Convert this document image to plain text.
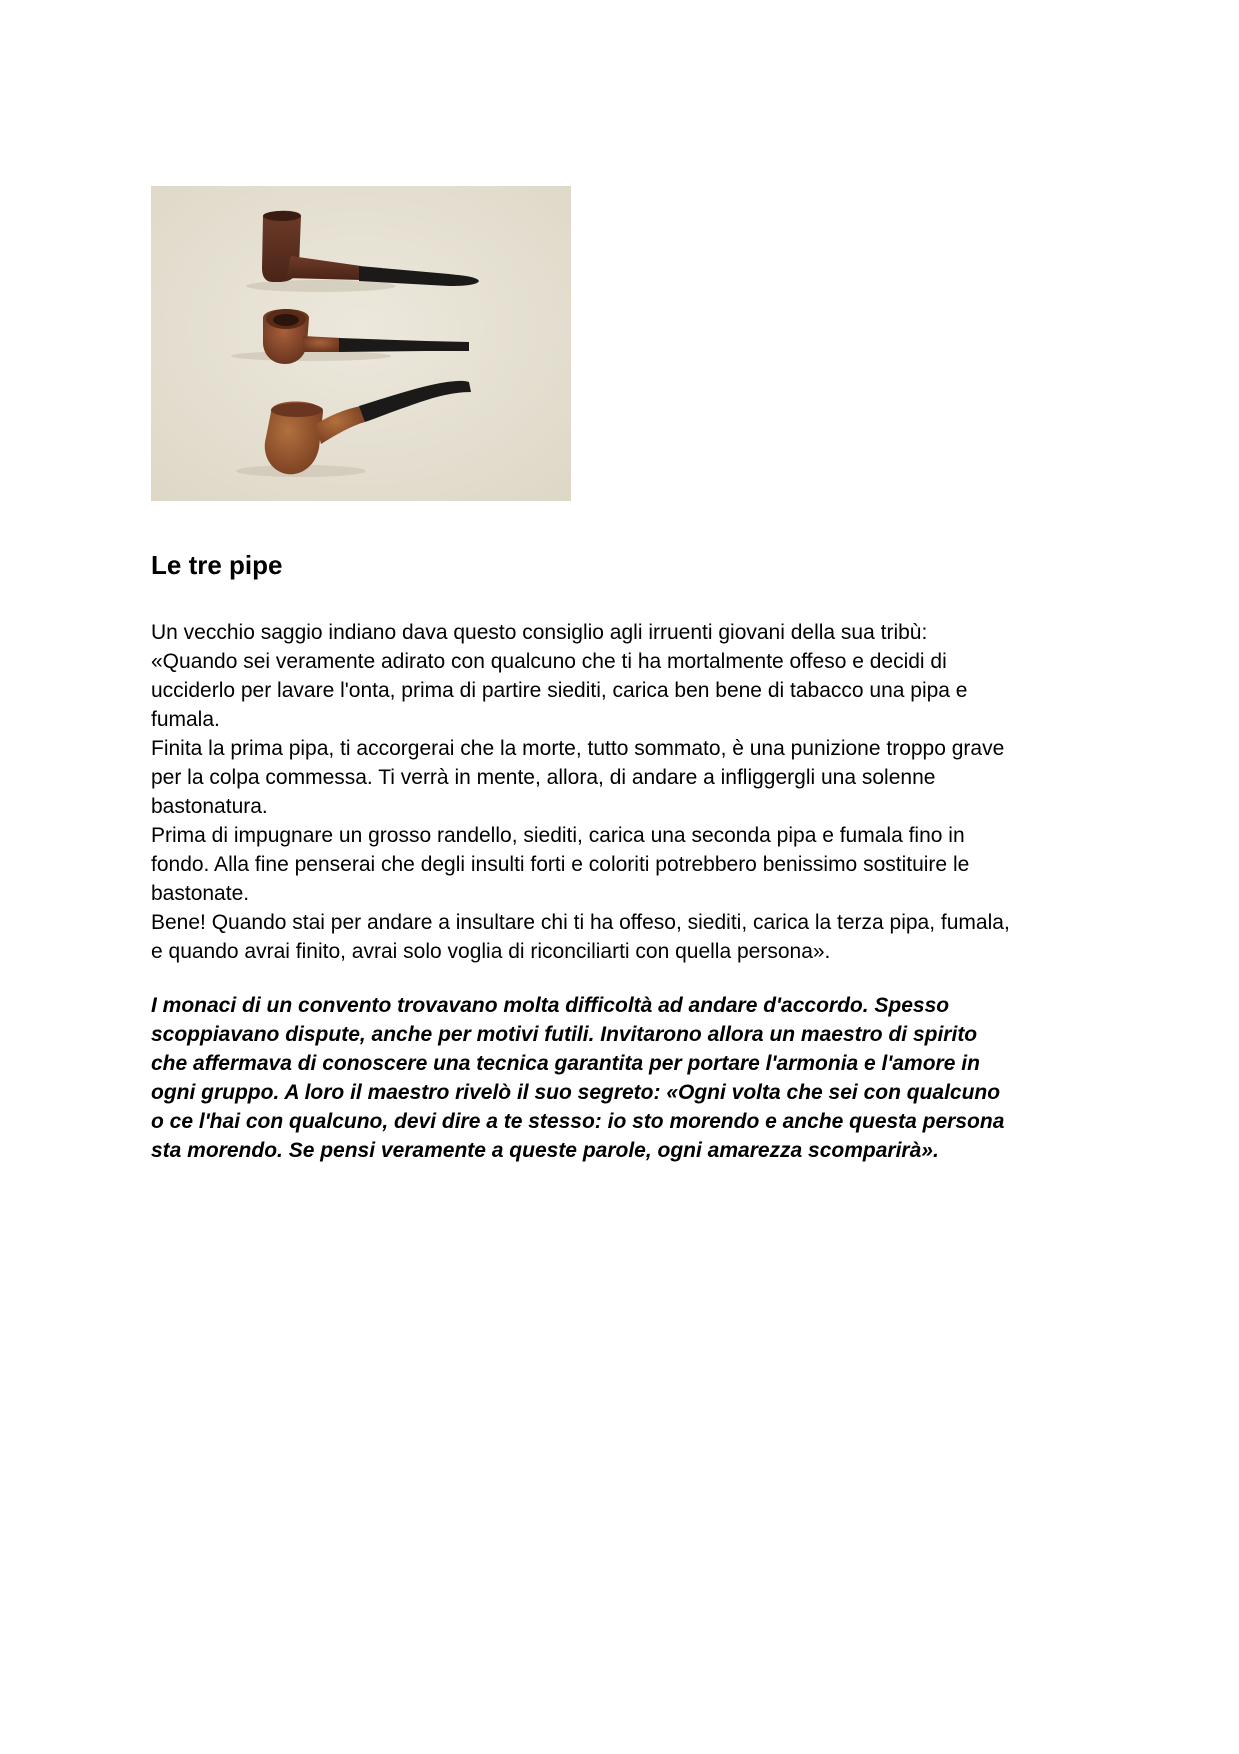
Le tre pipe

Un vecchio saggio indiano dava questo consiglio agli irruenti giovani della sua tribù:
«Quando sei veramente adirato con qualcuno che ti ha mortalmente offeso e decidi di
ucciderlo per lavare l'onta, prima di partire siediti, carica ben bene di tabacco una pipa e
fumala.
Finita la prima pipa, ti accorgerai che la morte, tutto sommato, è una punizione troppo grave
per la colpa commessa. Ti verrà in mente, allora, di andare a infliggergli una solenne
bastonatura.
Prima di impugnare un grosso randello, siediti, carica una seconda pipa e fumala fino in
fondo. Alla fine penserai che degli insulti forti e coloriti potrebbero benissimo sostituire le
bastonate.
Bene! Quando stai per andare a insultare chi ti ha offeso, siediti, carica la terza pipa, fumala,
e quando avrai finito, avrai solo voglia di riconciliarti con quella persona».

I monaci di un convento trovavano molta difficoltà ad andare d'accordo. Spesso
scoppiavano dispute, anche per motivi futili. Invitarono allora un maestro di spirito
che affermava di conoscere una tecnica garantita per portare l'armonia e l'amore in
ogni gruppo. A loro il maestro rivelò il suo segreto: «Ogni volta che sei con qualcuno
o ce l'hai con qualcuno, devi dire a te stesso: io sto morendo e anche questa persona
sta morendo. Se pensi veramente a queste parole, ogni amarezza scomparirà».
